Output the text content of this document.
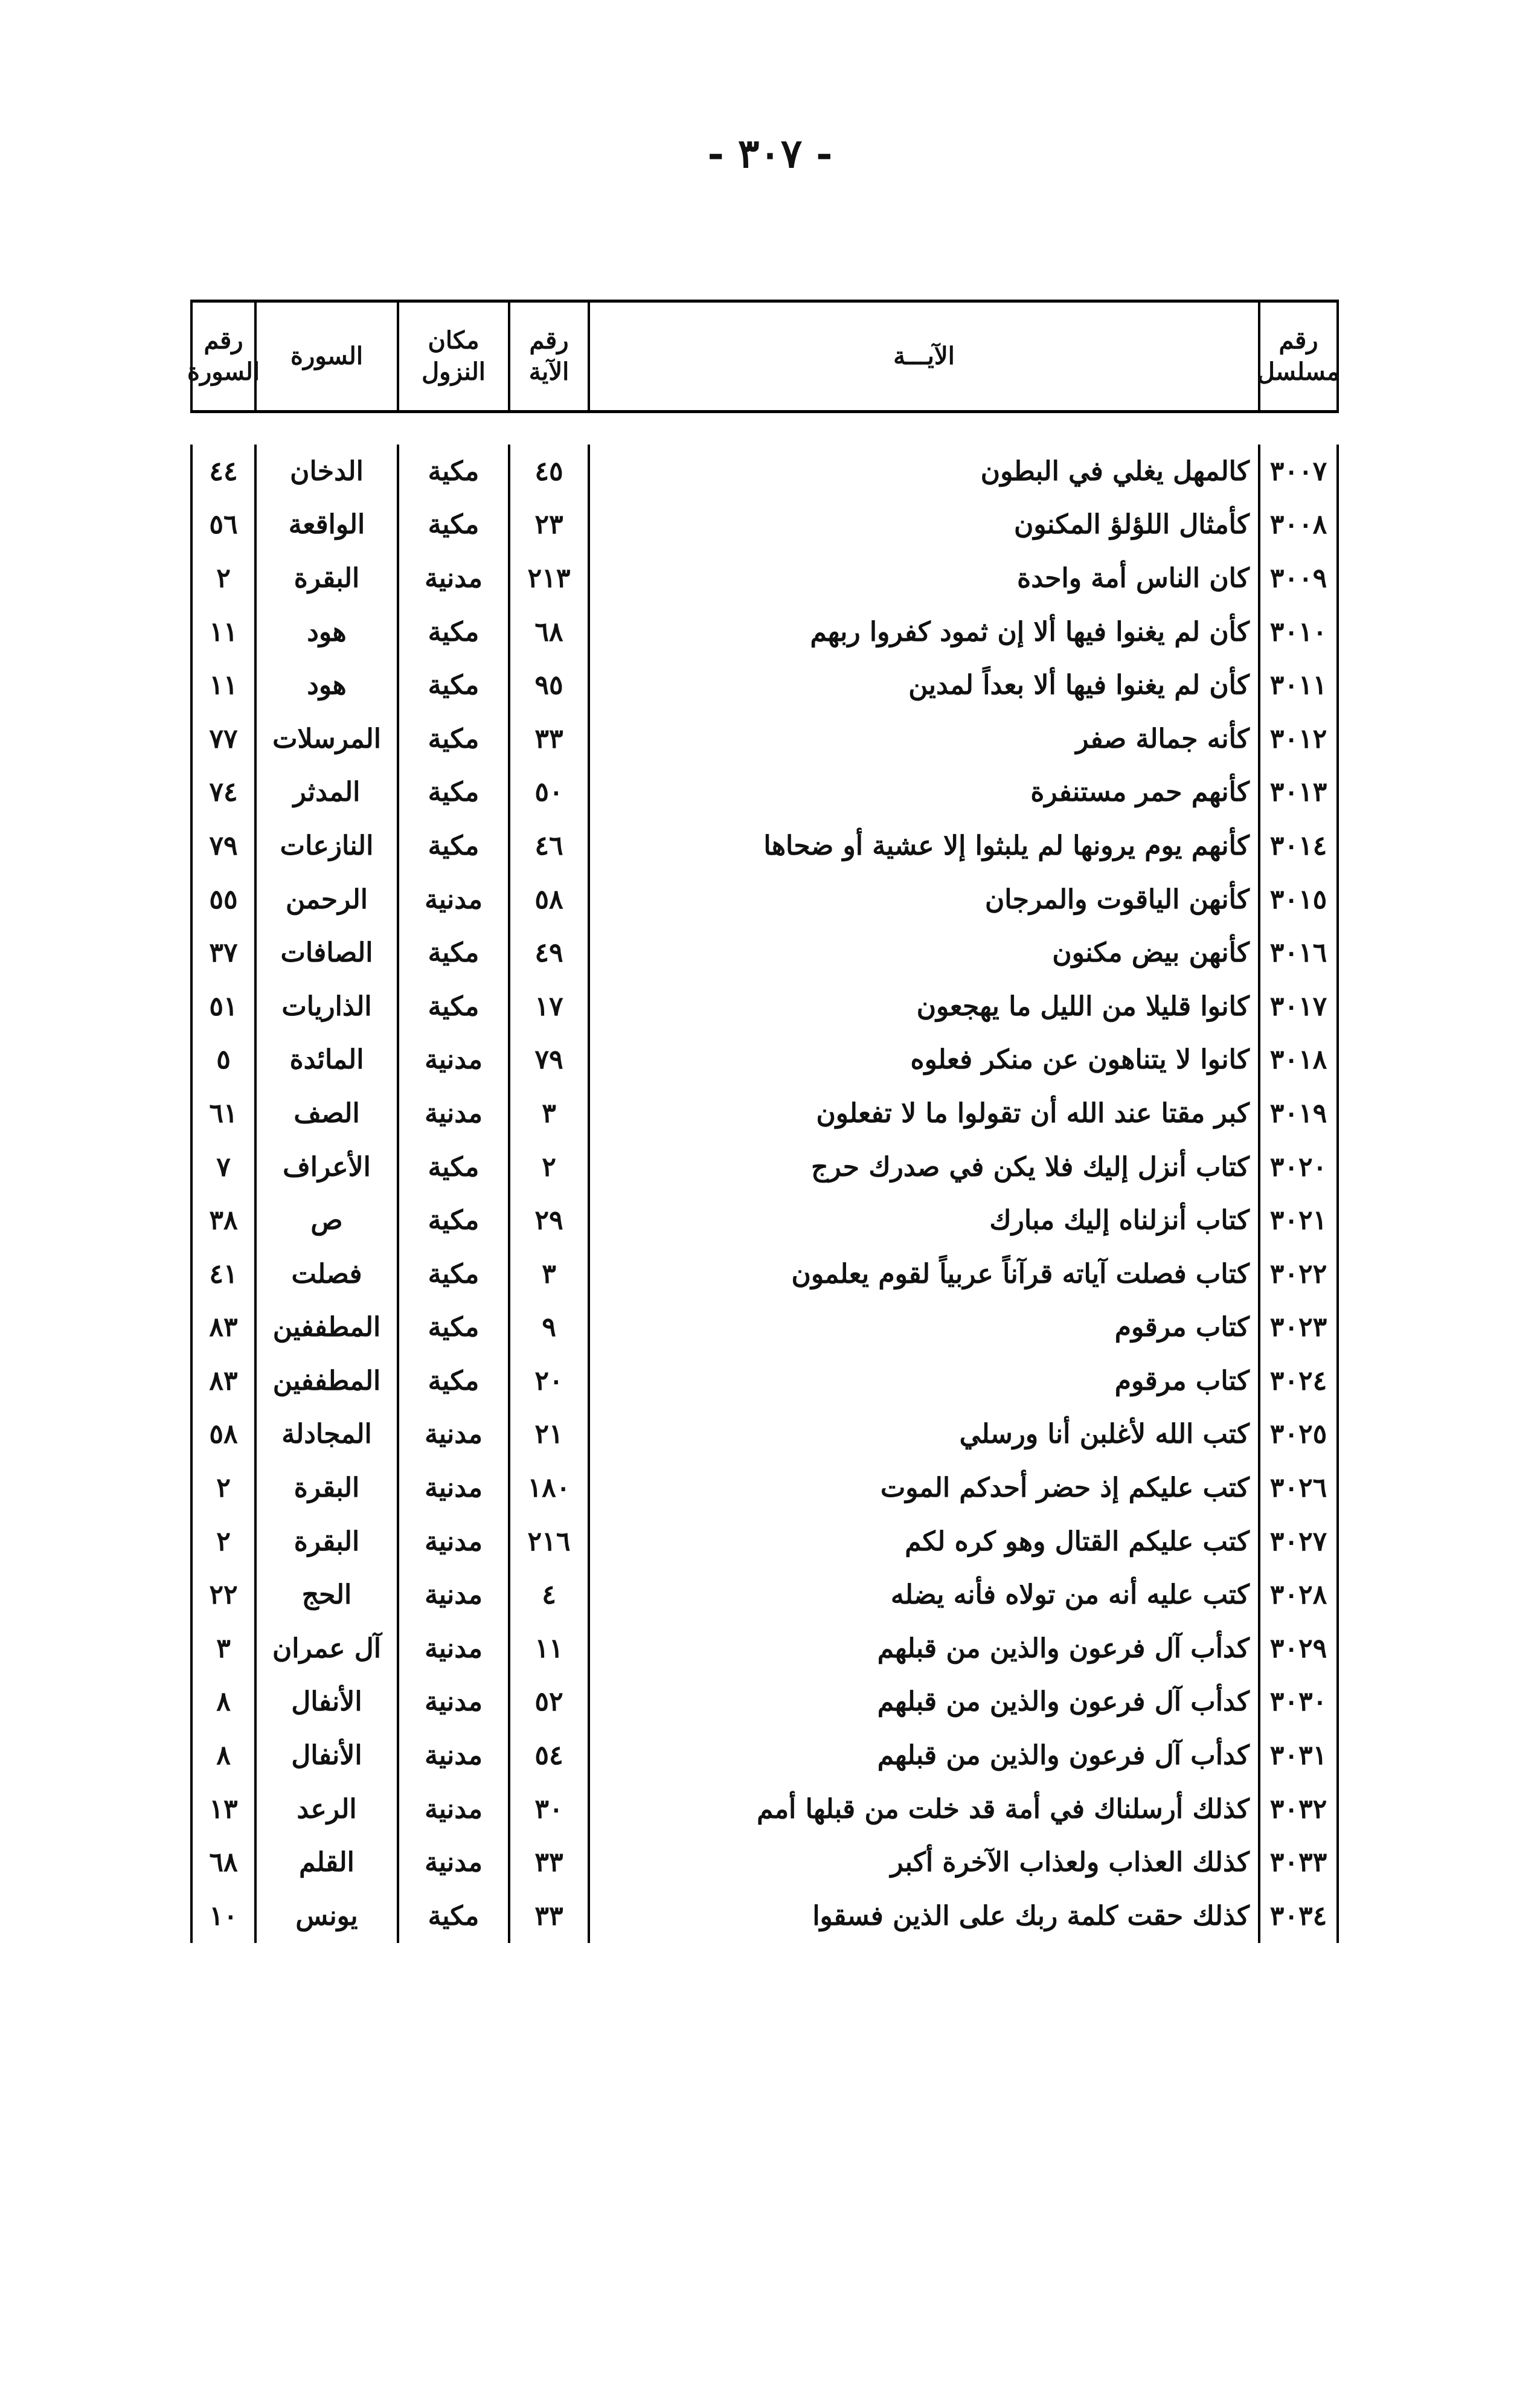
- ٣٠٧ -
رقم مسلسل
الآيـــة
رقم الآية
مكان النزول
السورة
رقم السورة
٣٠٠٧
كالمهل يغلي في البطون
٤٥
مكية
الدخان
٤٤
٣٠٠٨
كأمثال اللؤلؤ المكنون
٢٣
مكية
الواقعة
٥٦
٣٠٠٩
كان الناس أمة واحدة
٢١٣
مدنية
البقرة
٢
٣٠١٠
كأن لم يغنوا فيها ألا إن ثمود كفروا ربهم
٦٨
مكية
هود
١١
٣٠١١
كأن لم يغنوا فيها ألا بعداً لمدين
٩٥
مكية
هود
١١
٣٠١٢
كأنه جمالة صفر
٣٣
مكية
المرسلات
٧٧
٣٠١٣
كأنهم حمر مستنفرة
٥٠
مكية
المدثر
٧٤
٣٠١٤
كأنهم يوم يرونها لم يلبثوا إلا عشية أو ضحاها
٤٦
مكية
النازعات
٧٩
٣٠١٥
كأنهن الياقوت والمرجان
٥٨
مدنية
الرحمن
٥٥
٣٠١٦
كأنهن بيض مكنون
٤٩
مكية
الصافات
٣٧
٣٠١٧
كانوا قليلا من الليل ما يهجعون
١٧
مكية
الذاريات
٥١
٣٠١٨
كانوا لا يتناهون عن منكر فعلوه
٧٩
مدنية
المائدة
٥
٣٠١٩
كبر مقتا عند الله أن تقولوا ما لا تفعلون
٣
مدنية
الصف
٦١
٣٠٢٠
كتاب أنزل إليك فلا يكن في صدرك حرج
٢
مكية
الأعراف
٧
٣٠٢١
كتاب أنزلناه إليك مبارك
٢٩
مكية
ص
٣٨
٣٠٢٢
كتاب فصلت آياته قرآناً عربياً لقوم يعلمون
٣
مكية
فصلت
٤١
٣٠٢٣
كتاب مرقوم
٩
مكية
المطففين
٨٣
٣٠٢٤
كتاب مرقوم
٢٠
مكية
المطففين
٨٣
٣٠٢٥
كتب الله لأغلبن أنا ورسلي
٢١
مدنية
المجادلة
٥٨
٣٠٢٦
كتب عليكم إذ حضر أحدكم الموت
١٨٠
مدنية
البقرة
٢
٣٠٢٧
كتب عليكم القتال وهو كره لكم
٢١٦
مدنية
البقرة
٢
٣٠٢٨
كتب عليه أنه من تولاه فأنه يضله
٤
مدنية
الحج
٢٢
٣٠٢٩
كدأب آل فرعون والذين من قبلهم
١١
مدنية
آل عمران
٣
٣٠٣٠
كدأب آل فرعون والذين من قبلهم
٥٢
مدنية
الأنفال
٨
٣٠٣١
كدأب آل فرعون والذين من قبلهم
٥٤
مدنية
الأنفال
٨
٣٠٣٢
كذلك أرسلناك في أمة قد خلت من قبلها أمم
٣٠
مدنية
الرعد
١٣
٣٠٣٣
كذلك العذاب ولعذاب الآخرة أكبر
٣٣
مدنية
القلم
٦٨
٣٠٣٤
كذلك حقت كلمة ربك على الذين فسقوا
٣٣
مكية
يونس
١٠
